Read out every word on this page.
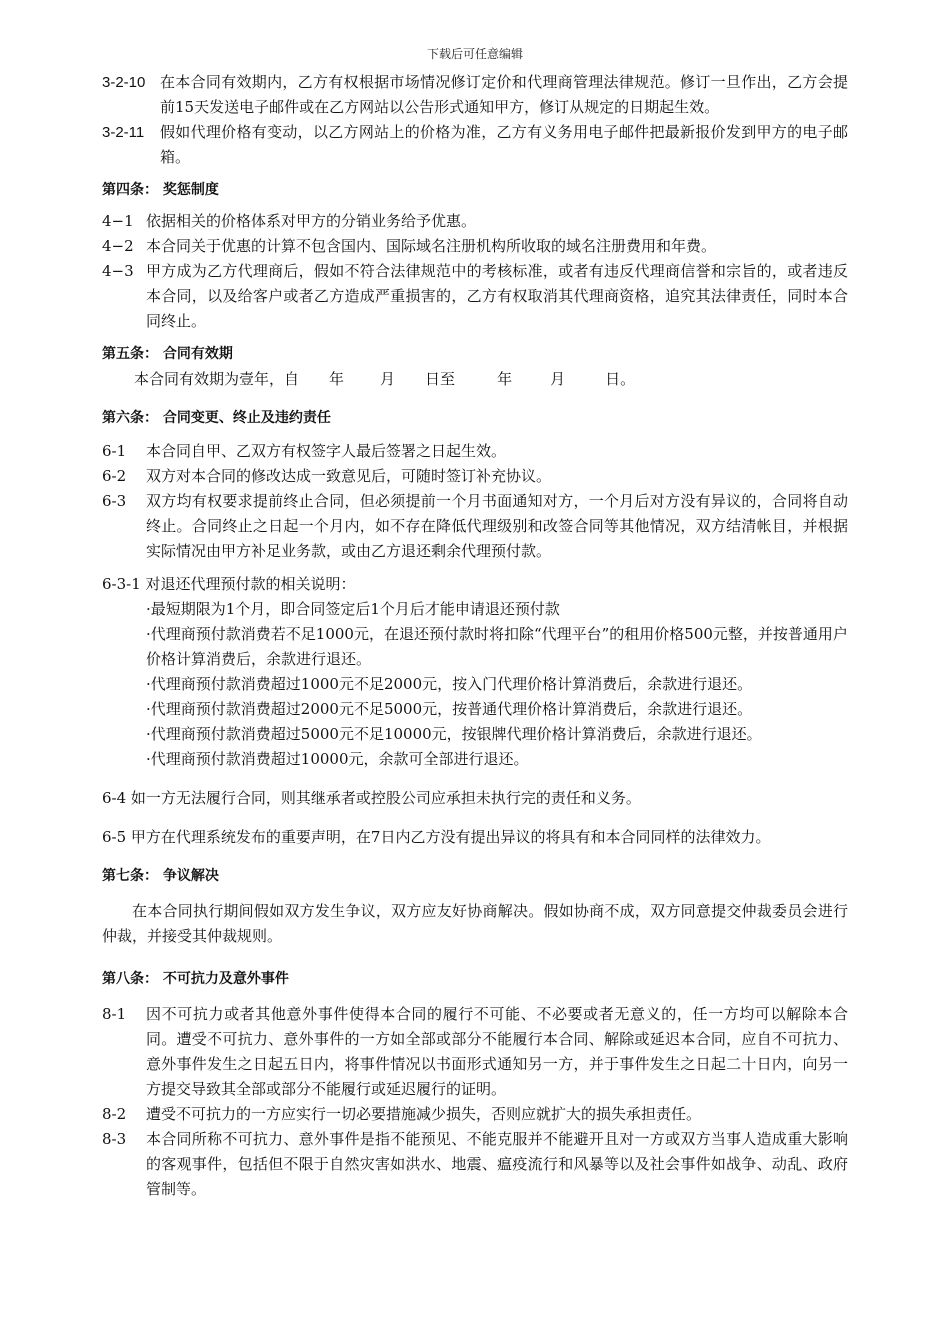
下载后可任意编辑
3-2-10 在本合同有效期内，乙方有权根据市场情况修订定价和代理商管理法律规范。修订一旦作出，乙方会提前15天发送电子邮件或在乙方网站以公告形式通知甲方，修订从规定的日期起生效。
3-2-11	假如代理价格有变动，以乙方网站上的价格为准，乙方有义务用电子邮件把最新报价发到甲方的电子邮箱。
第四条： 奖惩制度
4−1 依据相关的价格体系对甲方的分销业务给予优惠。
4−2 本合同关于优惠的计算不包含国内、国际域名注册机构所收取的域名注册费用和年费。
4−3 甲方成为乙方代理商后，假如不符合法律规范中的考核标准，或者有违反代理商信誉和宗旨的，或者违反本合同，以及给客户或者乙方造成严重损害的，乙方有权取消其代理商资格，追究其法律责任，同时本合同终止。
第五条： 合同有效期
本合同有效期为壹年，自 年 月 日至	年	月	日。
第六条： 合同变更、终止及违约责任
6-1	本合同自甲、乙双方有权签字人最后签署之日起生效。
6-2	双方对本合同的修改达成一致意见后，可随时签订补充协议。
6-3	双方均有权要求提前终止合同，但必须提前一个月书面通知对方，一个月后对方没有异议的，合同将自动终止。合同终止之日起一个月内，如不存在降低代理级别和改签合同等其他情况，双方结清帐目，并根据实际情况由甲方补足业务款，或由乙方退还剩余代理预付款。
6-3-1 对退还代理预付款的相关说明：
·最短期限为1个月，即合同签定后1个月后才能申请退还预付款
·代理商预付款消费若不足1000元，在退还预付款时将扣除“代理平台”的租用价格500元整，并按普通用户价格计算消费后，余款进行退还。
·代理商预付款消费超过1000元不足2000元，按入门代理价格计算消费后，余款进行退还。
·代理商预付款消费超过2000元不足5000元，按普通代理价格计算消费后，余款进行退还。
·代理商预付款消费超过5000元不足10000元，按银牌代理价格计算消费后，余款进行退还。
·代理商预付款消费超过10000元，余款可全部进行退还。
6-4 如一方无法履行合同，则其继承者或控股公司应承担未执行完的责任和义务。
6-5 甲方在代理系统发布的重要声明，在7日内乙方没有提出异议的将具有和本合同同样的法律效力。
第七条： 争议解决
在本合同执行期间假如双方发生争议，双方应友好协商解决。假如协商不成，双方同意提交仲裁委员会进行仲裁，并接受其仲裁规则。
第八条： 不可抗力及意外事件
8-1	因不可抗力或者其他意外事件使得本合同的履行不可能、不必要或者无意义的，任一方均可以解除本合同。遭受不可抗力、意外事件的一方如全部或部分不能履行本合同、解除或延迟本合同，应自不可抗力、意外事件发生之日起五日内，将事件情况以书面形式通知另一方，并于事件发生之日起二十日内，向另一方提交导致其全部或部分不能履行或延迟履行的证明。
8-2	遭受不可抗力的一方应实行一切必要措施减少损失，否则应就扩大的损失承担责任。
8-3	本合同所称不可抗力、意外事件是指不能预见、不能克服并不能避开且对一方或双方当事人造成重大影响的客观事件，包括但不限于自然灾害如洪水、地震、瘟疫流行和风暴等以及社会事件如战争、动乱、政府管制等。
